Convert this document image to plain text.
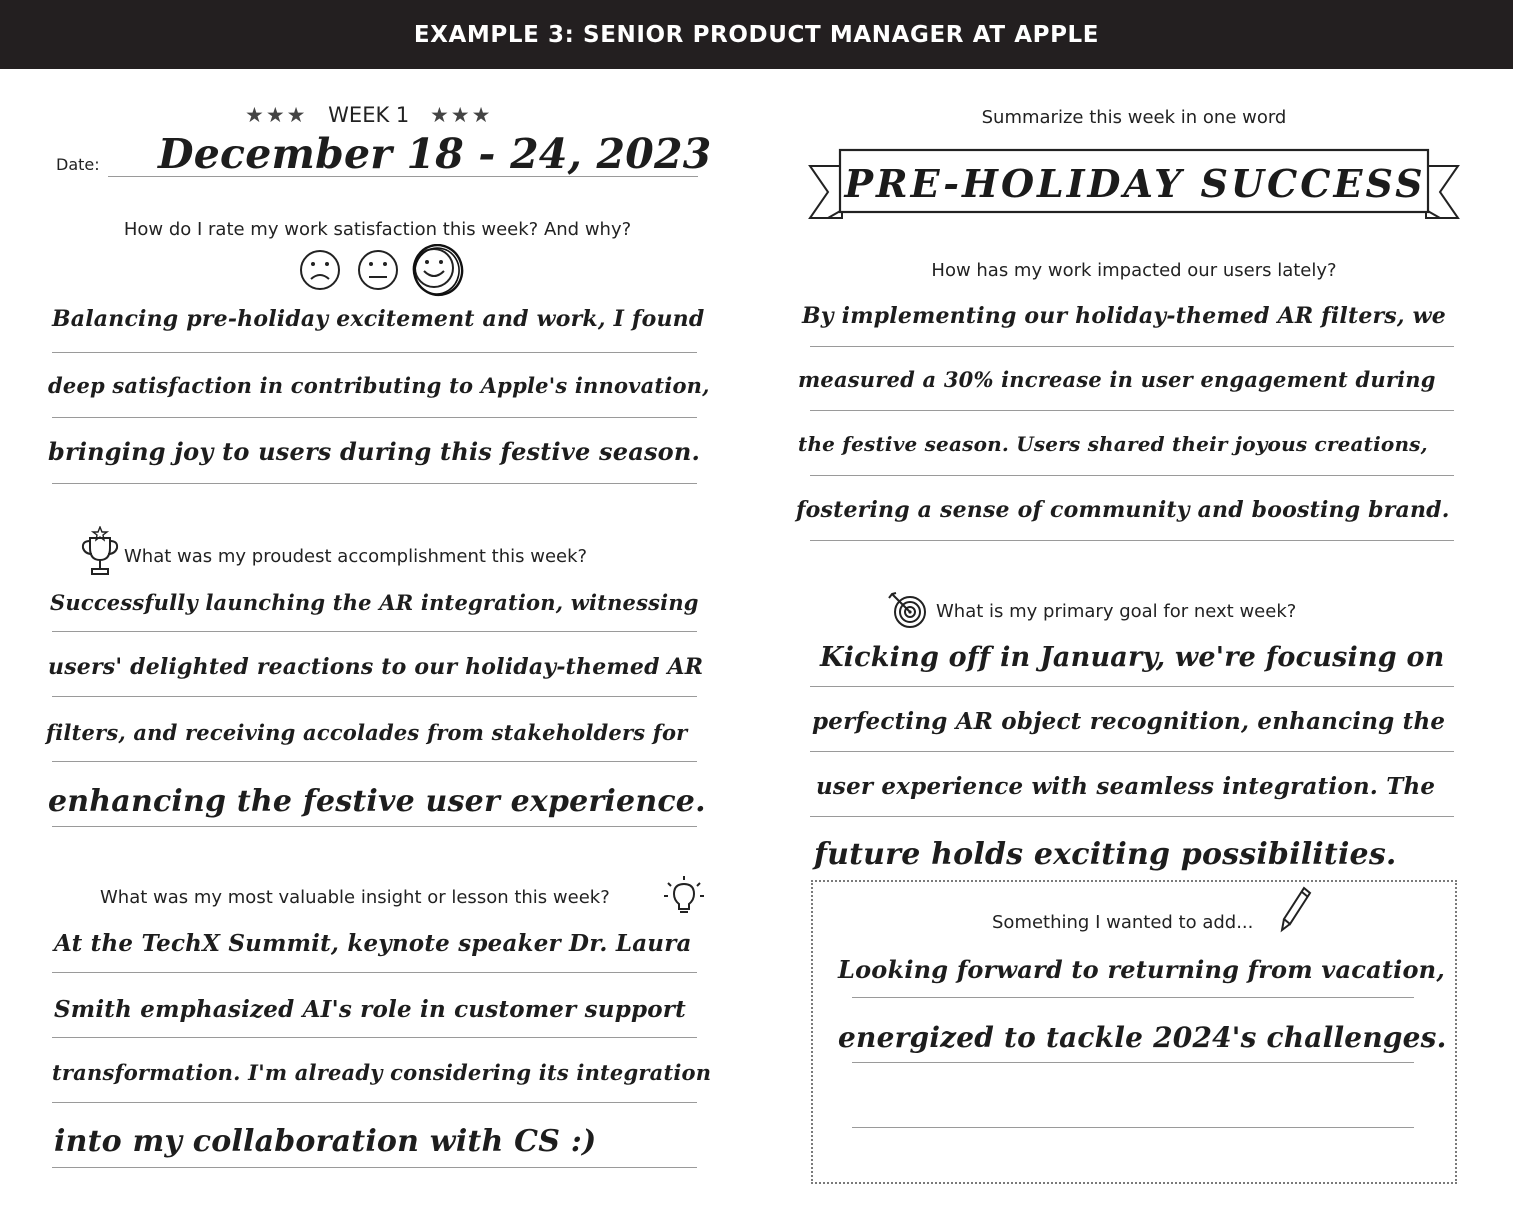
EXAMPLE 3: SENIOR PRODUCT MANAGER AT APPLE
★★★ WEEK 1 ★★★
Date: December 18 - 24, 2023
How do I rate my work satisfaction this week? And why?
Balancing pre-holiday excitement and work, I found
deep satisfaction in contributing to Apple's innovation,
bringing joy to users during this festive season.
What was my proudest accomplishment this week?
Successfully launching the AR integration, witnessing
users' delighted reactions to our holiday-themed AR
filters, and receiving accolades from stakeholders for
enhancing the festive user experience.
What was my most valuable insight or lesson this week?
At the TechX Summit, keynote speaker Dr. Laura
Smith emphasized AI's role in customer support
transformation. I'm already considering its integration
into my collaboration with CS :)
Summarize this week in one word
PRE-HOLIDAY SUCCESS
How has my work impacted our users lately?
By implementing our holiday-themed AR filters, we
measured a 30% increase in user engagement during
the festive season. Users shared their joyous creations,
fostering a sense of community and boosting brand.
What is my primary goal for next week?
Kicking off in January, we're focusing on
perfecting AR object recognition, enhancing the
user experience with seamless integration. The
future holds exciting possibilities.
Something I wanted to add...
Looking forward to returning from vacation,
energized to tackle 2024's challenges.
